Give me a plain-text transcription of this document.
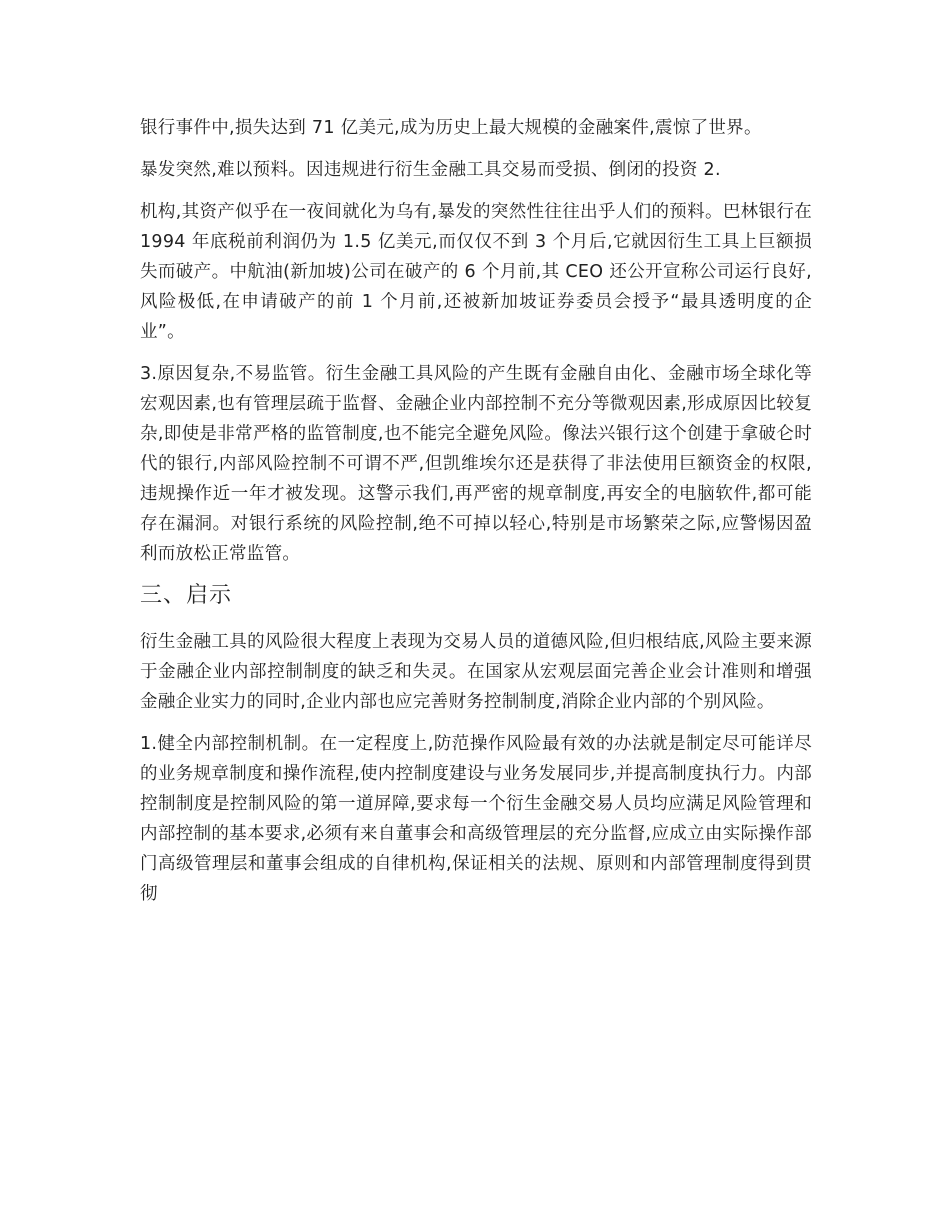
银行事件中,损失达到 71 亿美元,成为历史上最大规模的金融案件,震惊了世界。

暴发突然,难以预料。因违规进行衍生金融工具交易而受损、倒闭的投资 2.

机构,其资产似乎在一夜间就化为乌有,暴发的突然性往往出乎人们的预料。巴林银行在 1994 年底税前利润仍为 1.5 亿美元,而仅仅不到 3 个月后,它就因衍生工具上巨额损失而破产。中航油(新加坡)公司在破产的 6 个月前,其 CEO 还公开宣称公司运行良好,风险极低,在申请破产的前 1 个月前,还被新加坡证券委员会授予“最具透明度的企业”。

3.原因复杂,不易监管。衍生金融工具风险的产生既有金融自由化、金融市场全球化等宏观因素,也有管理层疏于监督、金融企业内部控制不充分等微观因素,形成原因比较复杂,即使是非常严格的监管制度,也不能完全避免风险。像法兴银行这个创建于拿破仑时代的银行,内部风险控制不可谓不严,但凯维埃尔还是获得了非法使用巨额资金的权限,违规操作近一年才被发现。这警示我们,再严密的规章制度,再安全的电脑软件,都可能存在漏洞。对银行系统的风险控制,绝不可掉以轻心,特别是市场繁荣之际,应警惕因盈利而放松正常监管。

三、启示

衍生金融工具的风险很大程度上表现为交易人员的道德风险,但归根结底,风险主要来源于金融企业内部控制制度的缺乏和失灵。在国家从宏观层面完善企业会计准则和增强金融企业实力的同时,企业内部也应完善财务控制制度,消除企业内部的个别风险。

1.健全内部控制机制。在一定程度上,防范操作风险最有效的办法就是制定尽可能详尽的业务规章制度和操作流程,使内控制度建设与业务发展同步,并提高制度执行力。内部控制制度是控制风险的第一道屏障,要求每一个衍生金融交易人员均应满足风险管理和内部控制的基本要求,必须有来自董事会和高级管理层的充分监督,应成立由实际操作部门高级管理层和董事会组成的自律机构,保证相关的法规、原则和内部管理制度得到贯彻
